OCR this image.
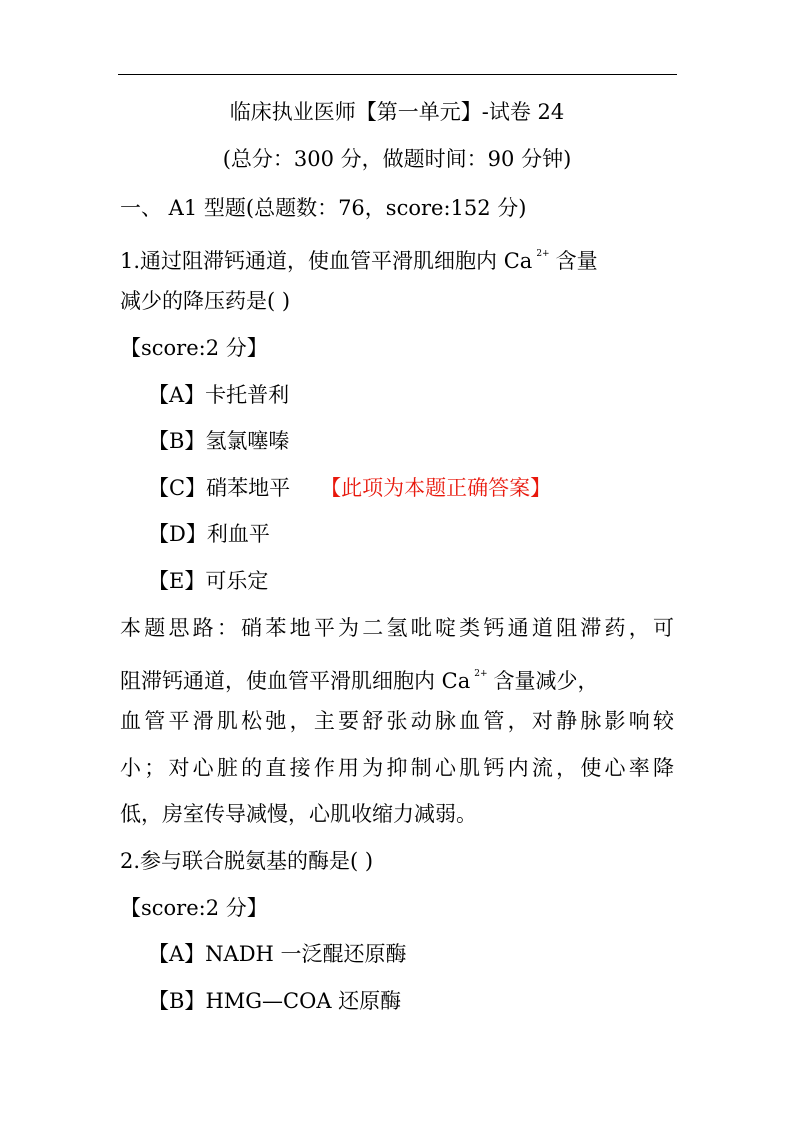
临床执业医师【第一单元】-试卷 24
(总分：300 分，做题时间：90 分钟)
一、 A1 型题(总题数：76，score:152 分)
1.通过阻滞钙通道，使血管平滑肌细胞内 Ca $^{2+}$ 含量
减少的降压药是( )
【score:2 分】
【A】卡托普利
【B】氢氯噻嗪
【C】硝苯地平 【此项为本题正确答案】
【D】利血平
【E】可乐定
本题思路：硝苯地平为二氢吡啶类钙通道阻滞药，可
阻滞钙通道，使血管平滑肌细胞内 Ca $^{2+}$ 含量减少，
血管平滑肌松弛，主要舒张动脉血管，对静脉影响较
小；对心脏的直接作用为抑制心肌钙内流，使心率降
低，房室传导减慢，心肌收缩力减弱。
2.参与联合脱氨基的酶是( )
【score:2 分】
【A】NADH 一泛醌还原酶
【B】HMG—COA 还原酶
